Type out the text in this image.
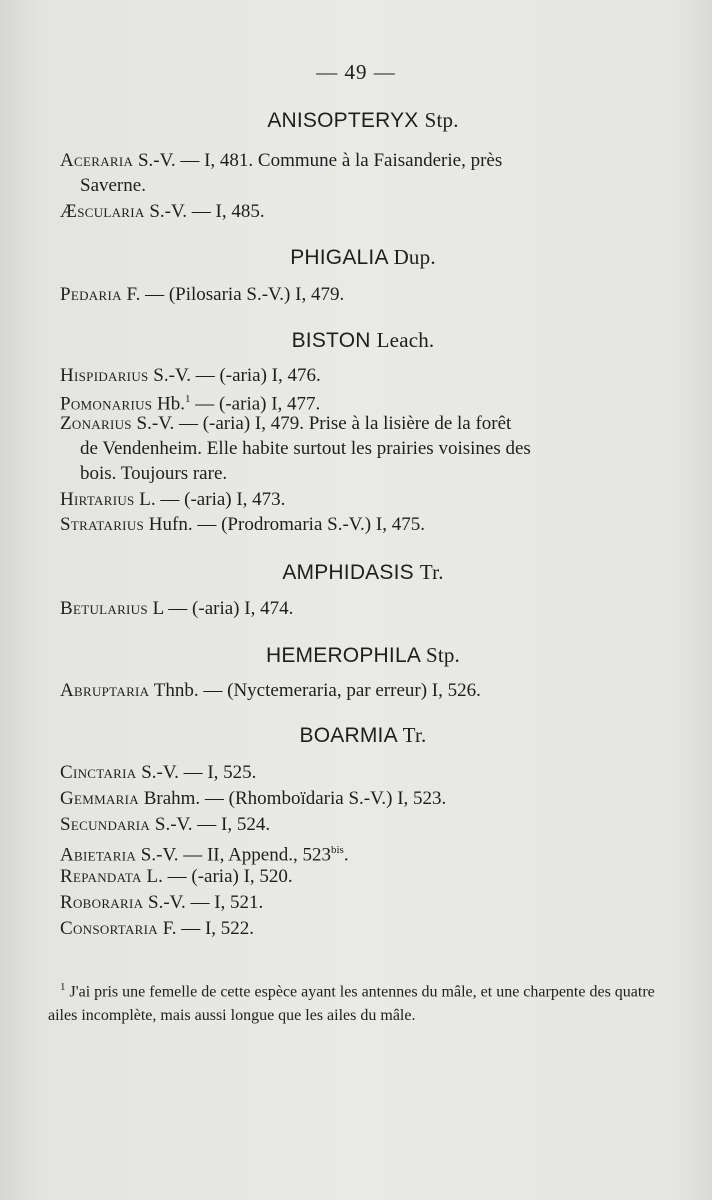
— 49 —
ANISOPTERYX Stp.
Aceraria S.-V. — I, 481. Commune à la Faisanderie, près
Saverne.
Æscularia S.-V. — I, 485.
PHIGALIA Dup.
Pedaria F. — (Pilosaria S.-V.) I, 479.
BISTON Leach.
Hispidarius S.-V. — (-aria) I, 476.
Pomonarius Hb.$^1$ — (-aria) I, 477.
Zonarius S.-V. — (-aria) I, 479. Prise à la lisière de la forêt
de Vendenheim. Elle habite surtout les prairies voisines des
bois. Toujours rare.
Hirtarius L. — (-aria) I, 473.
Stratarius Hufn. — (Prodromaria S.-V.) I, 475.
AMPHIDASIS Tr.
Betularius L — (-aria) I, 474.
HEMEROPHILA Stp.
Abruptaria Thnb. — (Nyctemeraria, par erreur) I, 526.
BOARMIA Tr.
Cinctaria S.-V. — I, 525.
Gemmaria Brahm. — (Rhomboïdaria S.-V.) I, 523.
Secundaria S.-V. — I, 524.
Abietaria S.-V. — II, Append., $523^{bis}$.
Repandata L. — (-aria) I, 520.
Roboraria S.-V. — I, 521.
Consortaria F. — I, 522.
$^1$ J'ai pris une femelle de cette espèce ayant les antennes du mâle, et une charpente des quatre ailes incomplète, mais aussi longue que les ailes du mâle.
